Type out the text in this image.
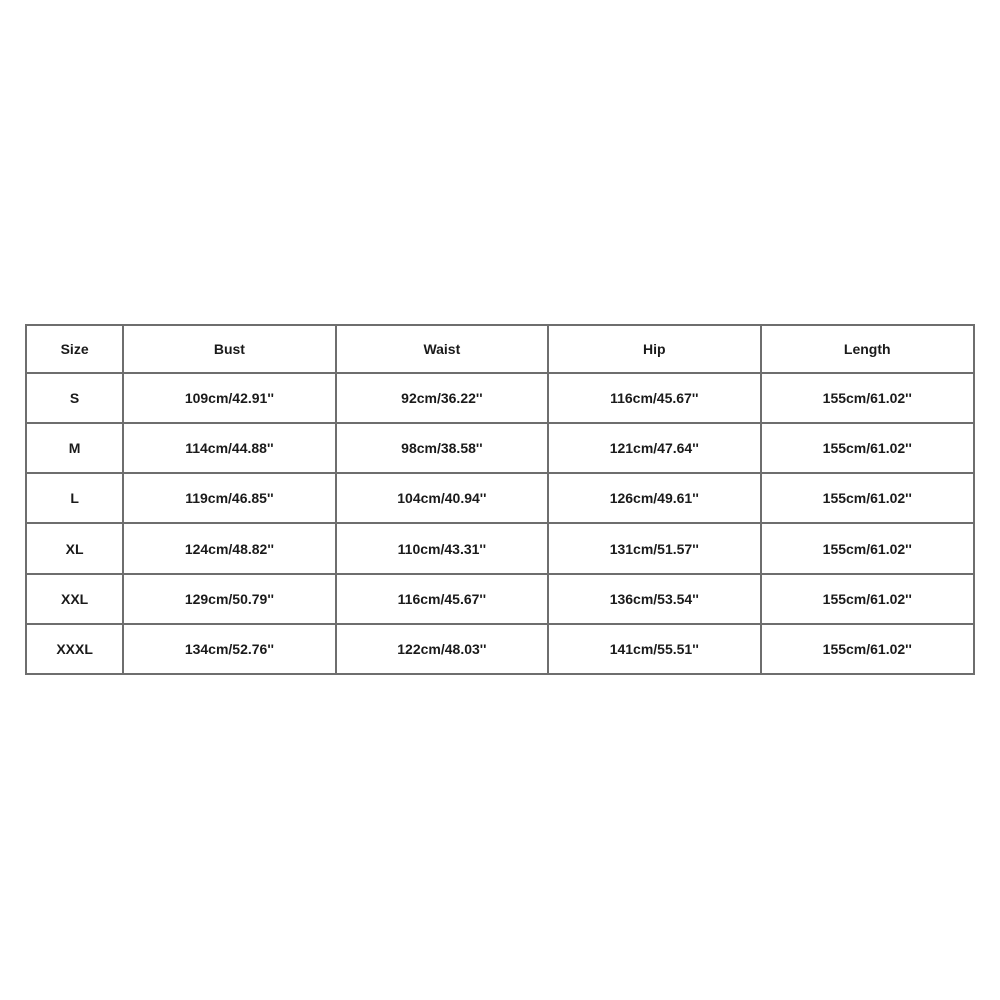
Size	Bust	Waist	Hip	Length
S	109cm/42.91''	92cm/36.22''	116cm/45.67''	155cm/61.02''
M	114cm/44.88''	98cm/38.58''	121cm/47.64''	155cm/61.02''
L	119cm/46.85''	104cm/40.94''	126cm/49.61''	155cm/61.02''
XL	124cm/48.82''	110cm/43.31''	131cm/51.57''	155cm/61.02''
XXL	129cm/50.79''	116cm/45.67''	136cm/53.54''	155cm/61.02''
XXXL	134cm/52.76''	122cm/48.03''	141cm/55.51''	155cm/61.02''
